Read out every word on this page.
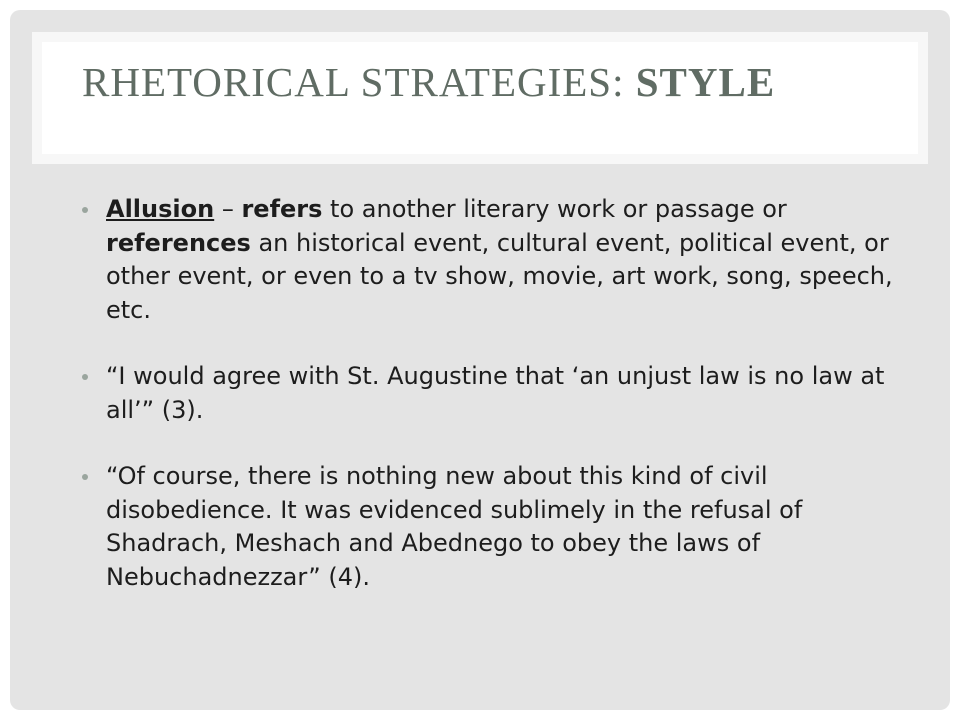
RHETORICAL STRATEGIES: STYLE
Allusion – refers to another literary work or passage or references an historical event, cultural event, political event, or other event, or even to a tv show, movie, art work, song, speech, etc.
“I would agree with St. Augustine that ‘an unjust law is no law at all’” (3).
“Of course, there is nothing new about this kind of civil disobedience. It was evidenced sublimely in the refusal of Shadrach, Meshach and Abednego to obey the laws of Nebuchadnezzar” (4).
